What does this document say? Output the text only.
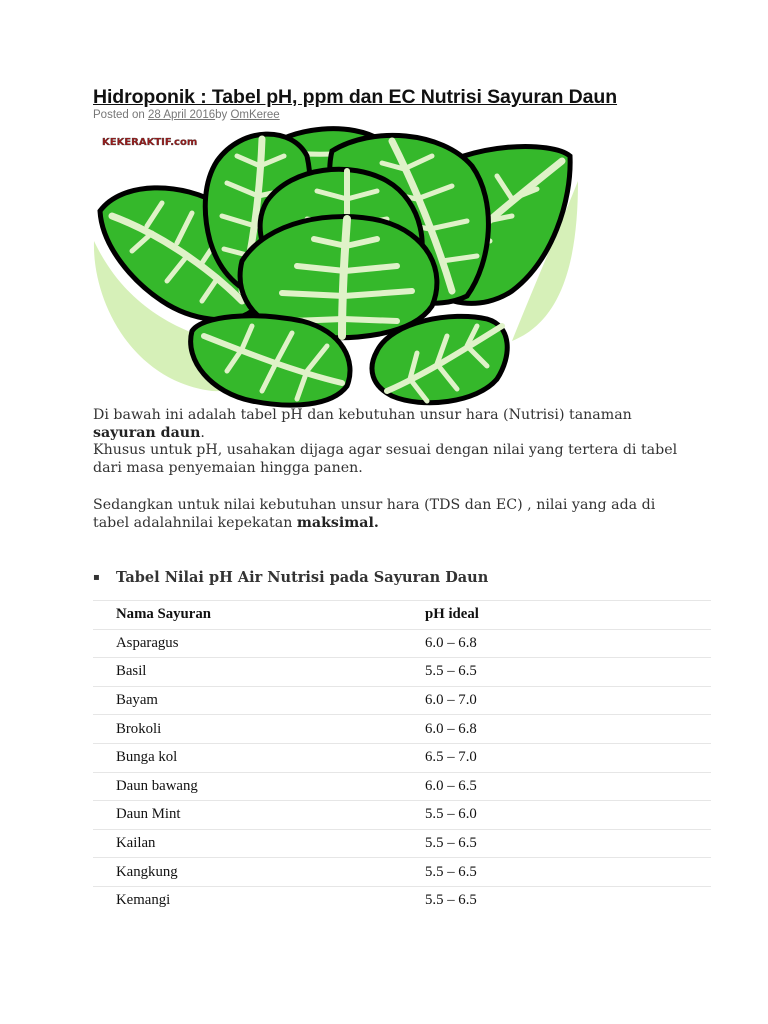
Hidroponik : Tabel pH, ppm dan EC Nutrisi Sayuran Daun
Posted on 28 April 2016by OmKeree
KEKERAKTIF.com

Di bawah ini adalah tabel pH dan kebutuhan unsur hara (Nutrisi) tanaman sayuran daun.

Khusus untuk pH, usahakan dijaga agar sesuai dengan nilai yang tertera di tabel dari masa penyemaian hingga panen.

Sedangkan untuk nilai kebutuhan unsur hara (TDS dan EC) , nilai yang ada di tabel adalahnilai kepekatan maksimal.

▪	Tabel Nilai pH Air Nutrisi pada Sayuran Daun
Nama Sayuran	pH ideal
Asparagus	6.0 – 6.8
Basil	5.5 – 6.5
Bayam	6.0 – 7.0
Brokoli	6.0 – 6.8
Bunga kol	6.5 – 7.0
Daun bawang	6.0 – 6.5
Daun Mint	5.5 – 6.0
Kailan	5.5 – 6.5
Kangkung	5.5 – 6.5
Kemangi	5.5 – 6.5
